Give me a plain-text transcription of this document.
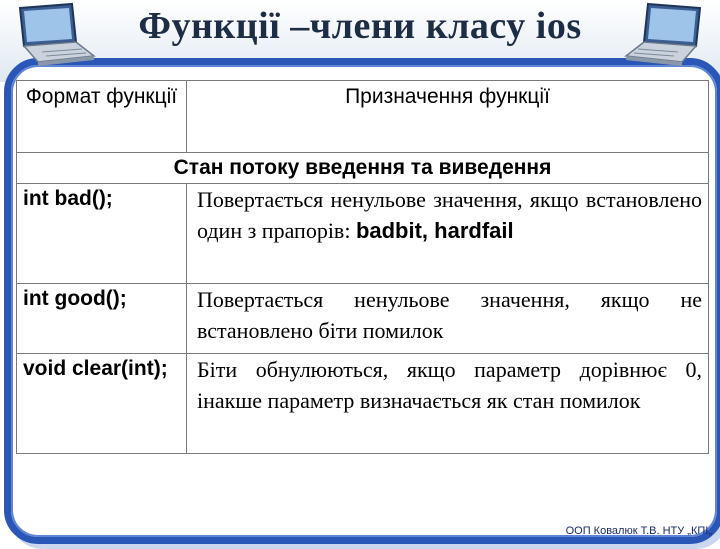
Функції –члени класу ios
Формат функції	Призначення функції
Стан потоку введення та виведення	
int bad();	Повертається ненульове значення, якщо встановлено один з прапорів: badbit, hardfail
int good();	Повертається ненульове значення, якщо не встановлено біти помилок
void clear(int);	Біти обнулюються, якщо параметр дорівнює 0, інакше параметр визначається як стан помилок
ООП Ковалюк Т.В. НТУ „КПІ„
